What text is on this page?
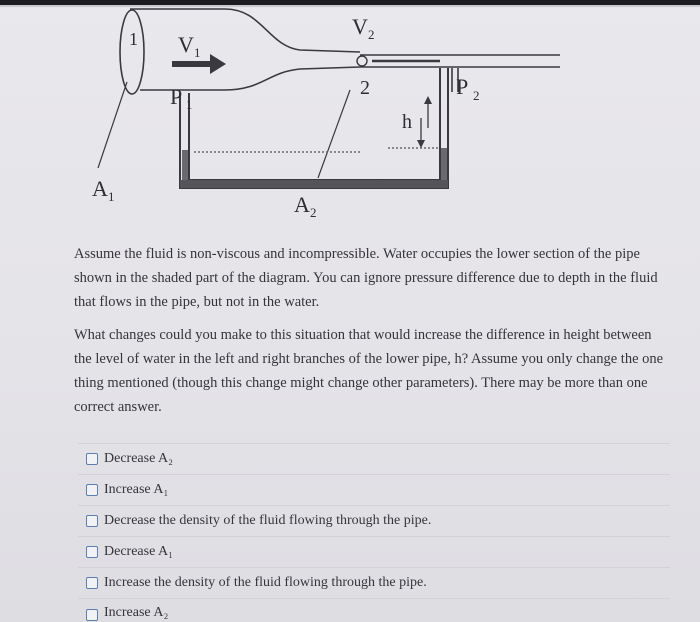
V 1
V 2
P 1
P 2
A 1	A 2
h
1
2

Assume the fluid is non-viscous and incompressible. Water occupies the lower section of the pipe shown in the shaded part of the diagram. You can ignore pressure difference due to depth in the fluid that flows in the pipe, but not in the water.

What changes could you make to this situation that would increase the difference in height between the level of water in the left and right branches of the lower pipe, h? Assume you only change the one thing mentioned (though this change might change other parameters). There may be more than one correct answer.

Decrease A₂
Increase A₁
Decrease the density of the fluid flowing through the pipe.
Decrease A₁
Increase the density of the fluid flowing through the pipe.
Increase A₂
